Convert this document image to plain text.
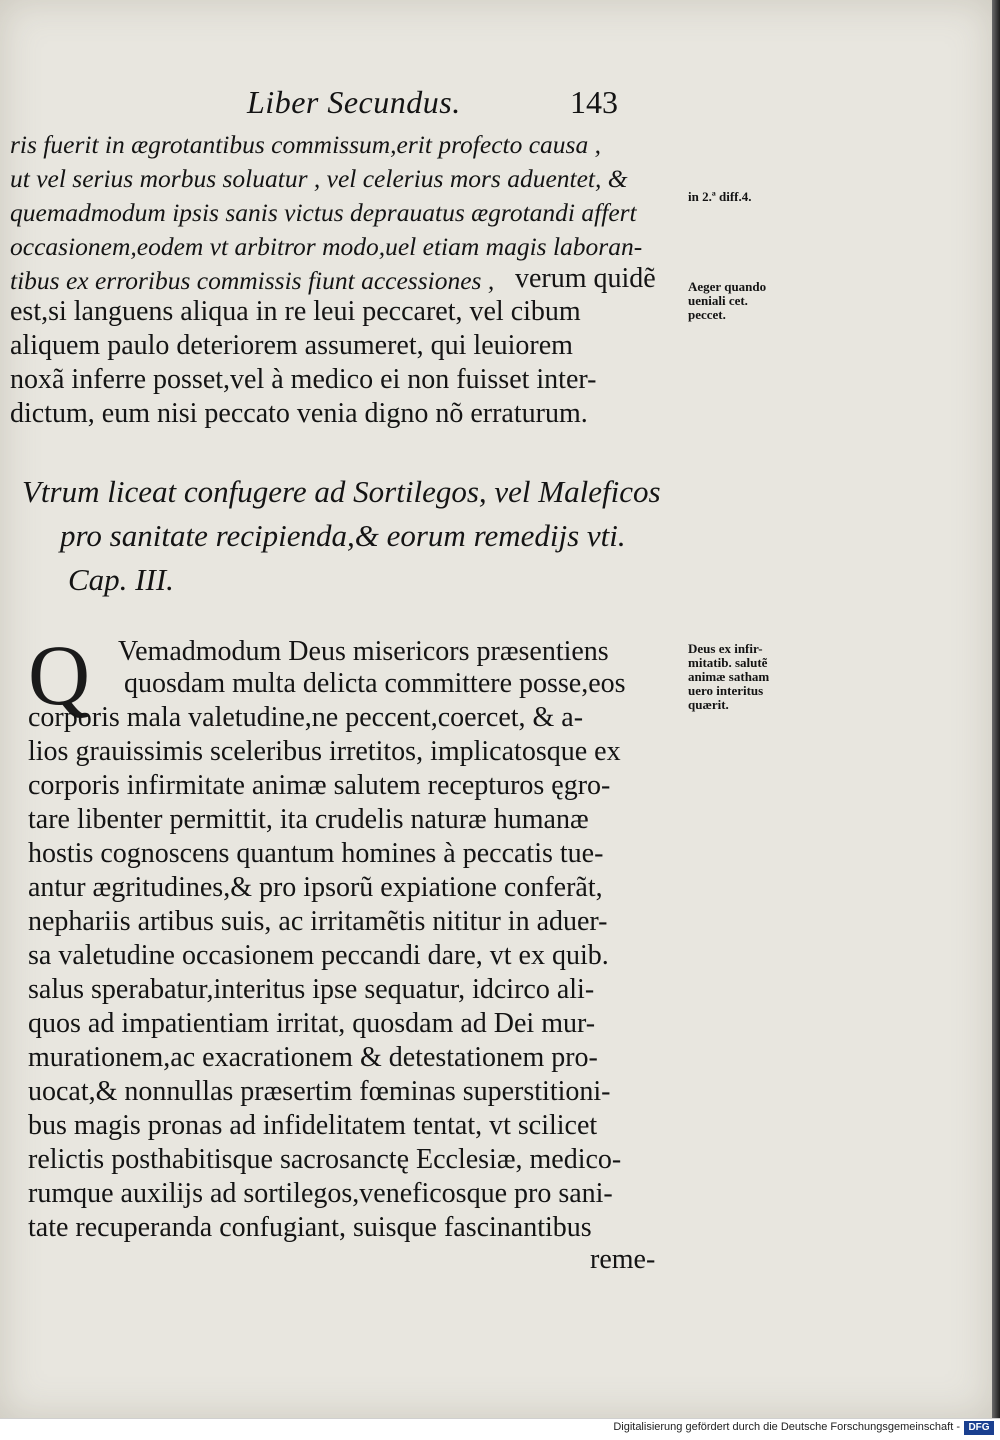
Liber Secundus.	143
ris fuerit in ægrotantibus commissum,erit profecto causa ,
ut vel serius morbus soluatur , vel celerius mors aduentet, &
quemadmodum ipsis sanis victus deprauatus ægrotandi affert
occasionem,eodem vt arbitror modo,uel etiam magis laboran-
tibus ex erroribus commissis fiunt accessiones , verum quidẽ
est,si languens aliqua in re leui peccaret, vel cibum
aliquem paulo deteriorem assumeret, qui leuiorem
noxã inferre posset,vel à medico ei non fuisset inter-
dictum, eum nisi peccato venia digno nõ erraturum.
Vtrum liceat confugere ad Sortilegos, vel Maleficos
pro sanitate recipienda,& eorum remedijs vti.
Cap. III.
Q Vemadmodum Deus misericors præsentiens
quosdam multa delicta committere posse,eos
corporis mala valetudine,ne peccent,coercet, & a-
lios grauissimis sceleribus irretitos, implicatosque ex
corporis infirmitate animæ salutem recepturos ęgro-
tare libenter permittit, ita crudelis naturæ humanæ
hostis cognoscens quantum homines à peccatis tue-
antur ægritudines,& pro ipsorũ expiatione conferãt,
nephariis artibus suis, ac irritamẽtis nititur in aduer-
sa valetudine occasionem peccandi dare, vt ex quib.
salus sperabatur,interitus ipse sequatur, idcirco ali-
quos ad impatientiam irritat, quosdam ad Dei mur-
murationem,ac exacrationem & detestationem pro-
uocat,& nonnullas præsertim fœminas superstitioni-
bus magis pronas ad infidelitatem tentat, vt scilicet
relictis posthabitisque sacrosanctę Ecclesiæ, medico-
rumque auxilijs ad sortilegos,veneficosque pro sani-
tate recuperanda confugiant, suisque fascinantibus
reme-
in 2.ª diff.4.
Aeger quando
ueniali cet.
peccet.
Deus ex infir-
mitatib. salutẽ
animæ satham
uero interitus
quærit.
Digitalisierung gefördert durch die Deutsche Forschungsgemeinschaft - DFG
